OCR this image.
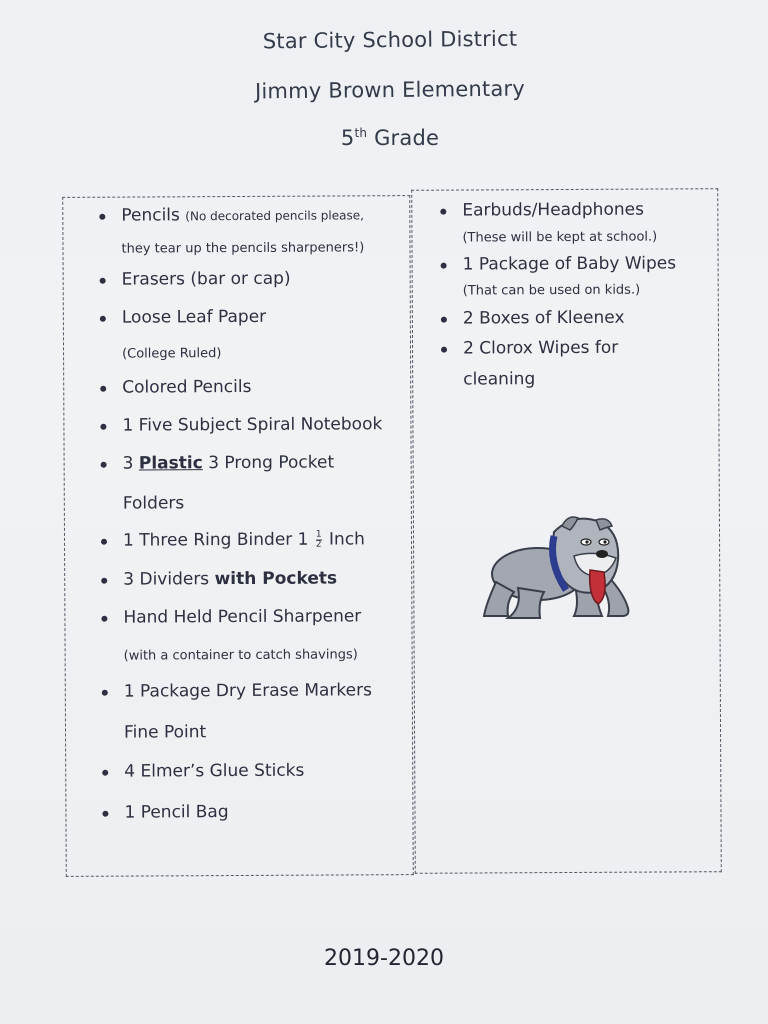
Star City School District
Jimmy Brown Elementary
5th Grade
Pencils (No decorated pencils please,
they tear up the pencils sharpeners!)
Erasers (bar or cap)
Loose Leaf Paper
(College Ruled)
Colored Pencils
1 Five Subject Spiral Notebook
3 Plastic 3 Prong Pocket
Folders
1 Three Ring Binder $1 \frac{1}{2}$ Inch
3 Dividers with Pockets
Hand Held Pencil Sharpener
(with a container to catch shavings)
1 Package Dry Erase Markers
Fine Point
4 Elmer’s Glue Sticks
1 Pencil Bag
Earbuds/Headphones
(These will be kept at school.)
1 Package of Baby Wipes
(That can be used on kids.)
2 Boxes of Kleenex
2 Clorox Wipes for
cleaning
2019-2020
